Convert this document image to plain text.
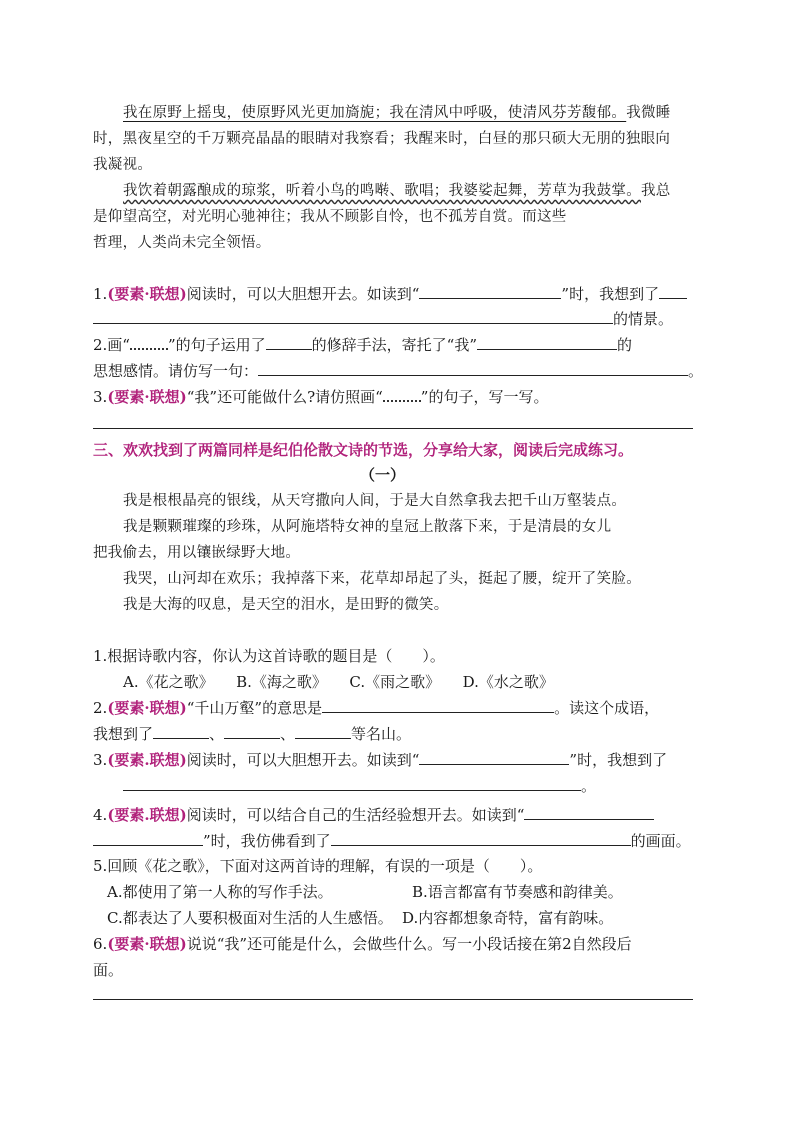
我在原野上摇曳，使原野风光更加旖旎；我在清风中呼吸，使清风芬芳馥郁。我微睡
时，黑夜星空的千万颗亮晶晶的眼睛对我察看；我醒来时，白昼的那只硕大无朋的独眼向
我凝视。
我饮着朝露酿成的琼浆，听着小鸟的鸣啭、歌唱；我婆娑起舞，芳草为我鼓掌。我总
是仰望高空，对光明心驰神往；我从不顾影自怜，也不孤芳自赏。而这些
哲理，人类尚未完全领悟。
1.(要素·联想)阅读时，可以大胆想开去。如读到“	”时，我想到了
的情景。
2.画“	”的句子运用了	的修辞手法，寄托了“我”	的
思想感情。请仿写一句：	。
3.(要素·联想)“我”还可能做什么?请仿照画“	”的句子，写一写。
三、欢欢找到了两篇同样是纪伯伦散文诗的节选，分享给大家，阅读后完成练习。
（一）
我是根根晶亮的银线，从天穹撒向人间，于是大自然拿我去把千山万壑装点。
我是颗颗璀璨的珍珠，从阿施塔特女神的皇冠上散落下来，于是清晨的女儿
把我偷去，用以镶嵌绿野大地。
我哭，山河却在欢乐；我掉落下来，花草却昂起了头，挺起了腰，绽开了笑脸。
我是大海的叹息，是天空的泪水，是田野的微笑。
1.根据诗歌内容，你认为这首诗歌的题目是（　　）。
A.《花之歌》　　B.《海之歌》　　C.《雨之歌》　　D.《水之歌》
2.(要素·联想)“千山万壑”的意思是	。读这个成语，
我想到了	、	、	等名山。
3.(要素.联想)阅读时，可以大胆想开去。如读到“	”时，我想到了
。
4.(要素.联想)阅读时，可以结合自己的生活经验想开去。如读到“
”时，我仿佛看到了	的画面。
5.回顾《花之歌》，下面对这两首诗的理解，有误的一项是（　　）。
A.都使用了第一人称的写作手法。	B.语言都富有节奏感和韵律美。
C.都表达了人要积极面对生活的人生感悟。 D.内容都想象奇特，富有韵味。
6.(要素·联想)说说“我”还可能是什么，会做些什么。写一小段话接在第2自然段后
面。
